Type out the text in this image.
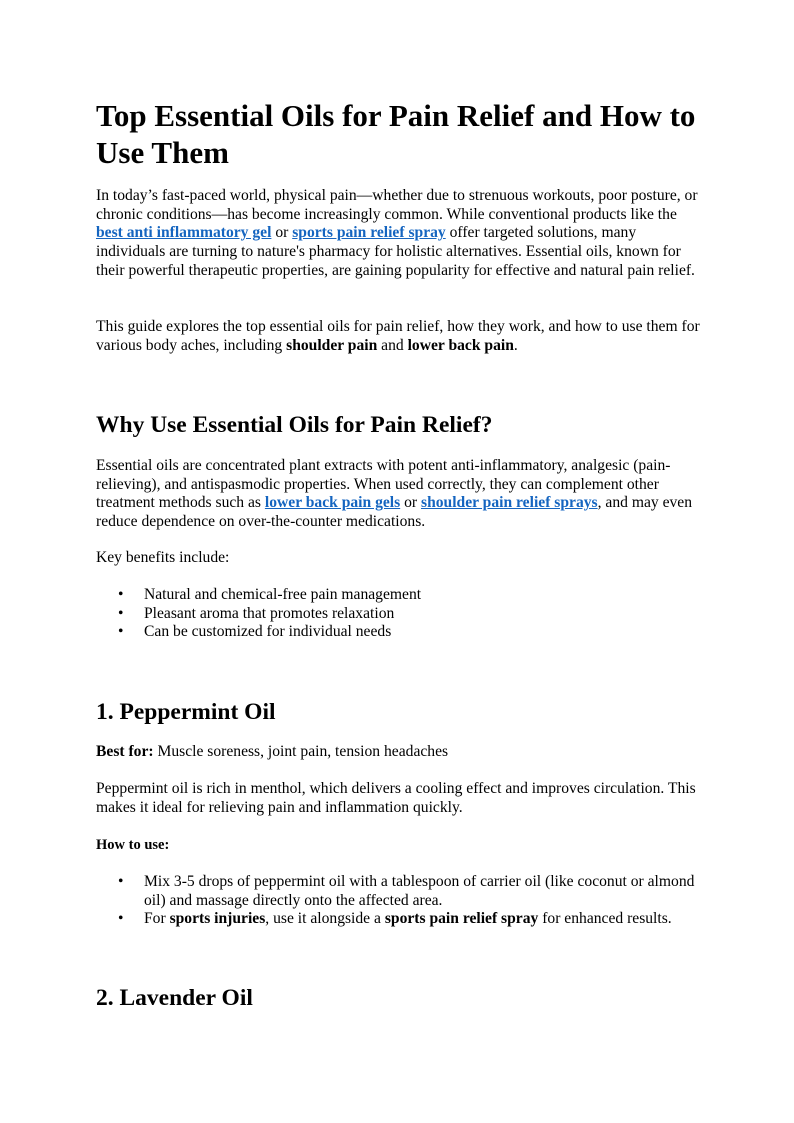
Top Essential Oils for Pain Relief and How to Use Them

In today’s fast-paced world, physical pain—whether due to strenuous workouts, poor posture, or chronic conditions—has become increasingly common. While conventional products like the best anti inflammatory gel or sports pain relief spray offer targeted solutions, many individuals are turning to nature's pharmacy for holistic alternatives. Essential oils, known for their powerful therapeutic properties, are gaining popularity for effective and natural pain relief.

This guide explores the top essential oils for pain relief, how they work, and how to use them for various body aches, including shoulder pain and lower back pain.

Why Use Essential Oils for Pain Relief?

Essential oils are concentrated plant extracts with potent anti-inflammatory, analgesic (pain-relieving), and antispasmodic properties. When used correctly, they can complement other treatment methods such as lower back pain gels or shoulder pain relief sprays, and may even reduce dependence on over-the-counter medications.

Key benefits include:

• Natural and chemical-free pain management
• Pleasant aroma that promotes relaxation
• Can be customized for individual needs
1. Peppermint Oil

Best for: Muscle soreness, joint pain, tension headaches

Peppermint oil is rich in menthol, which delivers a cooling effect and improves circulation. This makes it ideal for relieving pain and inflammation quickly.

How to use:

• Mix 3-5 drops of peppermint oil with a tablespoon of carrier oil (like coconut or almond oil) and massage directly onto the affected area.
• For sports injuries, use it alongside a sports pain relief spray for enhanced results.
2. Lavender Oil
